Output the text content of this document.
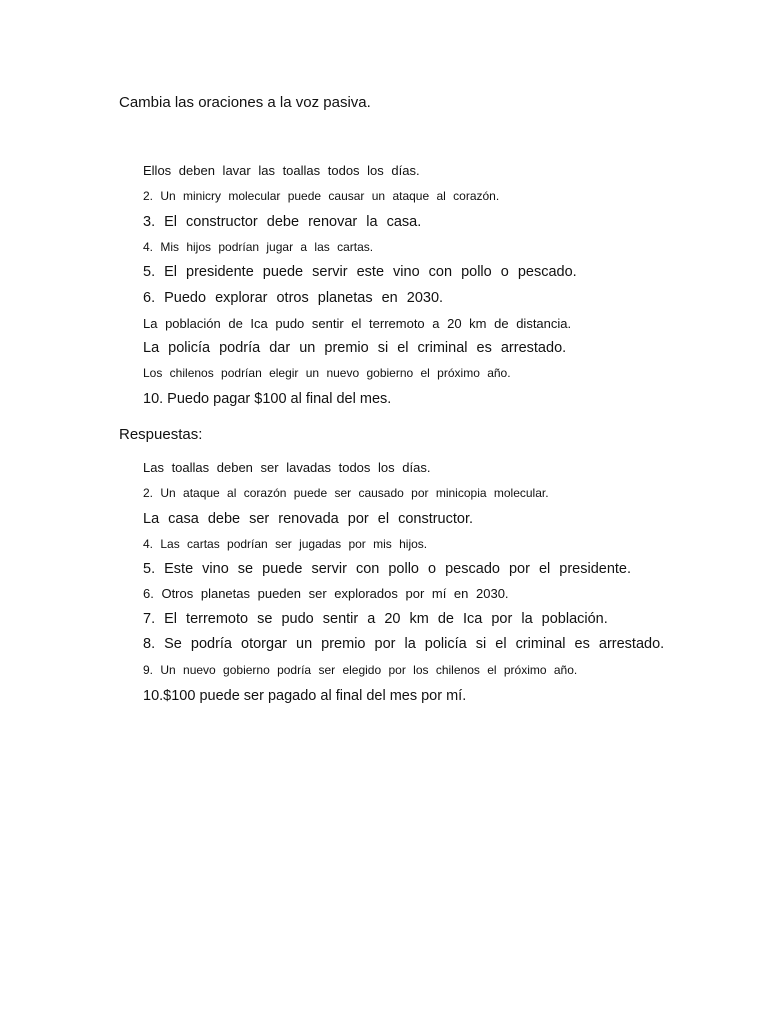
Cambia las oraciones a la voz pasiva.
Ellos deben lavar las toallas todos los días.
2. Un minicry molecular puede causar un ataque al corazón.
3. El constructor debe renovar la casa.
4. Mis hijos podrían jugar a las cartas.
5. El presidente puede servir este vino con pollo o pescado.
6. Puedo explorar otros planetas en 2030.
La población de Ica pudo sentir el terremoto a 20 km de distancia.
La policía podría dar un premio si el criminal es arrestado.
Los chilenos podrían elegir un nuevo gobierno el próximo año.
10. Puedo pagar $100 al final del mes.
Respuestas:
Las toallas deben ser lavadas todos los días.
2. Un ataque al corazón puede ser causado por minicopia molecular.
La casa debe ser renovada por el constructor.
4. Las cartas podrían ser jugadas por mis hijos.
5. Este vino se puede servir con pollo o pescado por el presidente.
6. Otros planetas pueden ser explorados por mí en 2030.
7. El terremoto se pudo sentir a 20 km de Ica por la población.
8. Se podría otorgar un premio por la policía si el criminal es arrestado.
9. Un nuevo gobierno podría ser elegido por los chilenos el próximo año.
10.$100 puede ser pagado al final del mes por mí.
